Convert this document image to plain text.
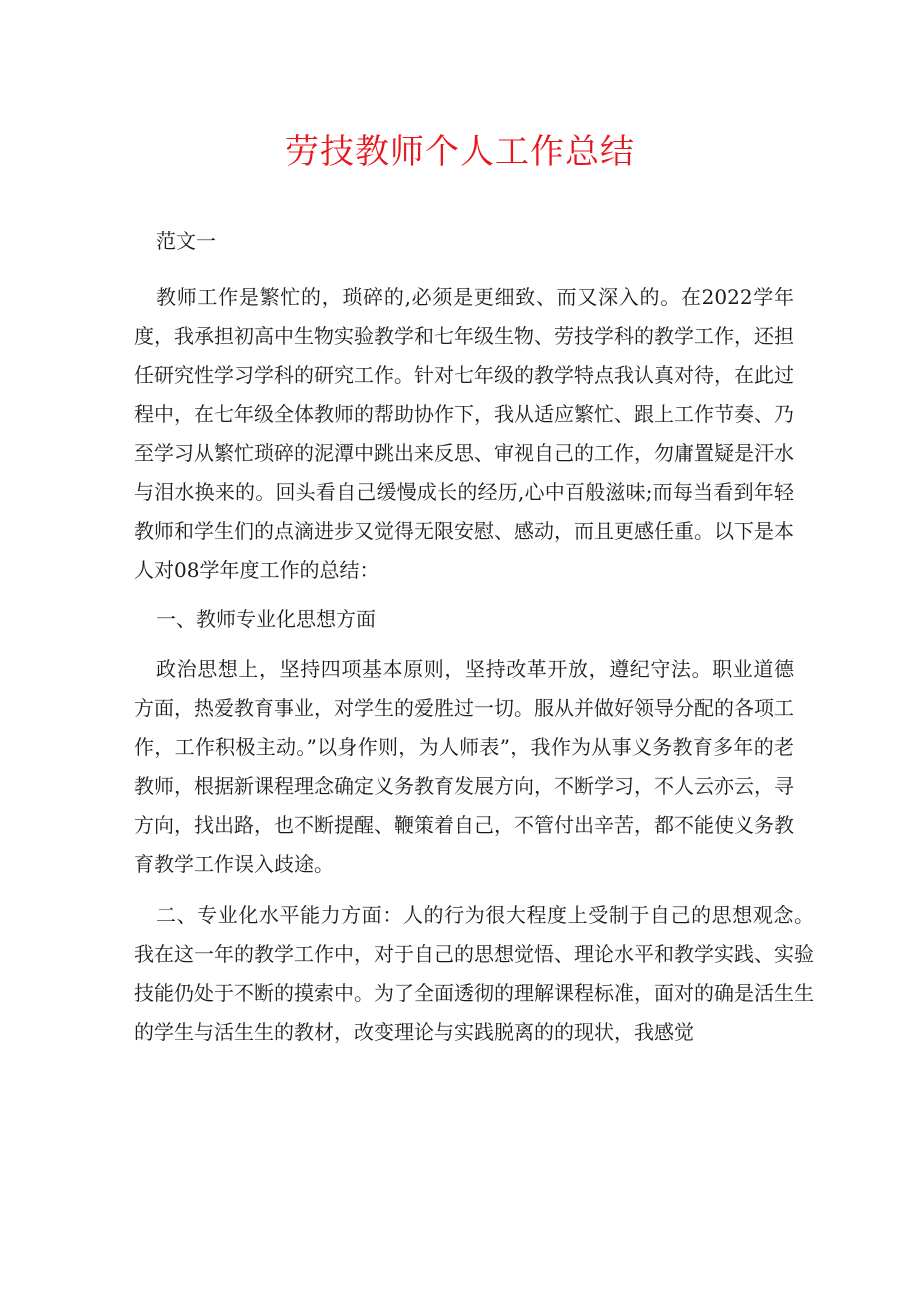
劳技教师个人工作总结

范文一

教师工作是繁忙的，琐碎的,必须是更细致、而又深入的。在2022学年度，我承担初高中生物实验教学和七年级生物、劳技学科的教学工作，还担任研究性学习学科的研究工作。针对七年级的教学特点我认真对待，在此过程中，在七年级全体教师的帮助协作下，我从适应繁忙、跟上工作节奏、乃至学习从繁忙琐碎的泥潭中跳出来反思、审视自己的工作，勿庸置疑是汗水与泪水换来的。回头看自己缓慢成长的经历,心中百般滋味;而每当看到年轻教师和学生们的点滴进步又觉得无限安慰、感动，而且更感任重。以下是本人对08学年度工作的总结：

一、教师专业化思想方面

政治思想上，坚持四项基本原则，坚持改革开放，遵纪守法。职业道德方面，热爱教育事业，对学生的爱胜过一切。服从并做好领导分配的各项工作，工作积极主动。”以身作则，为人师表”，我作为从事义务教育多年的老教师，根据新课程理念确定义务教育发展方向，不断学习，不人云亦云，寻方向，找出路，也不断提醒、鞭策着自己，不管付出辛苦，都不能使义务教育教学工作误入歧途。

二、专业化水平能力方面：人的行为很大程度上受制于自己的思想观念。我在这一年的教学工作中，对于自己的思想觉悟、理论水平和教学实践、实验技能仍处于不断的摸索中。为了全面透彻的理解课程标准，面对的确是活生生的学生与活生生的教材，改变理论与实践脱离的的现状，我感觉
